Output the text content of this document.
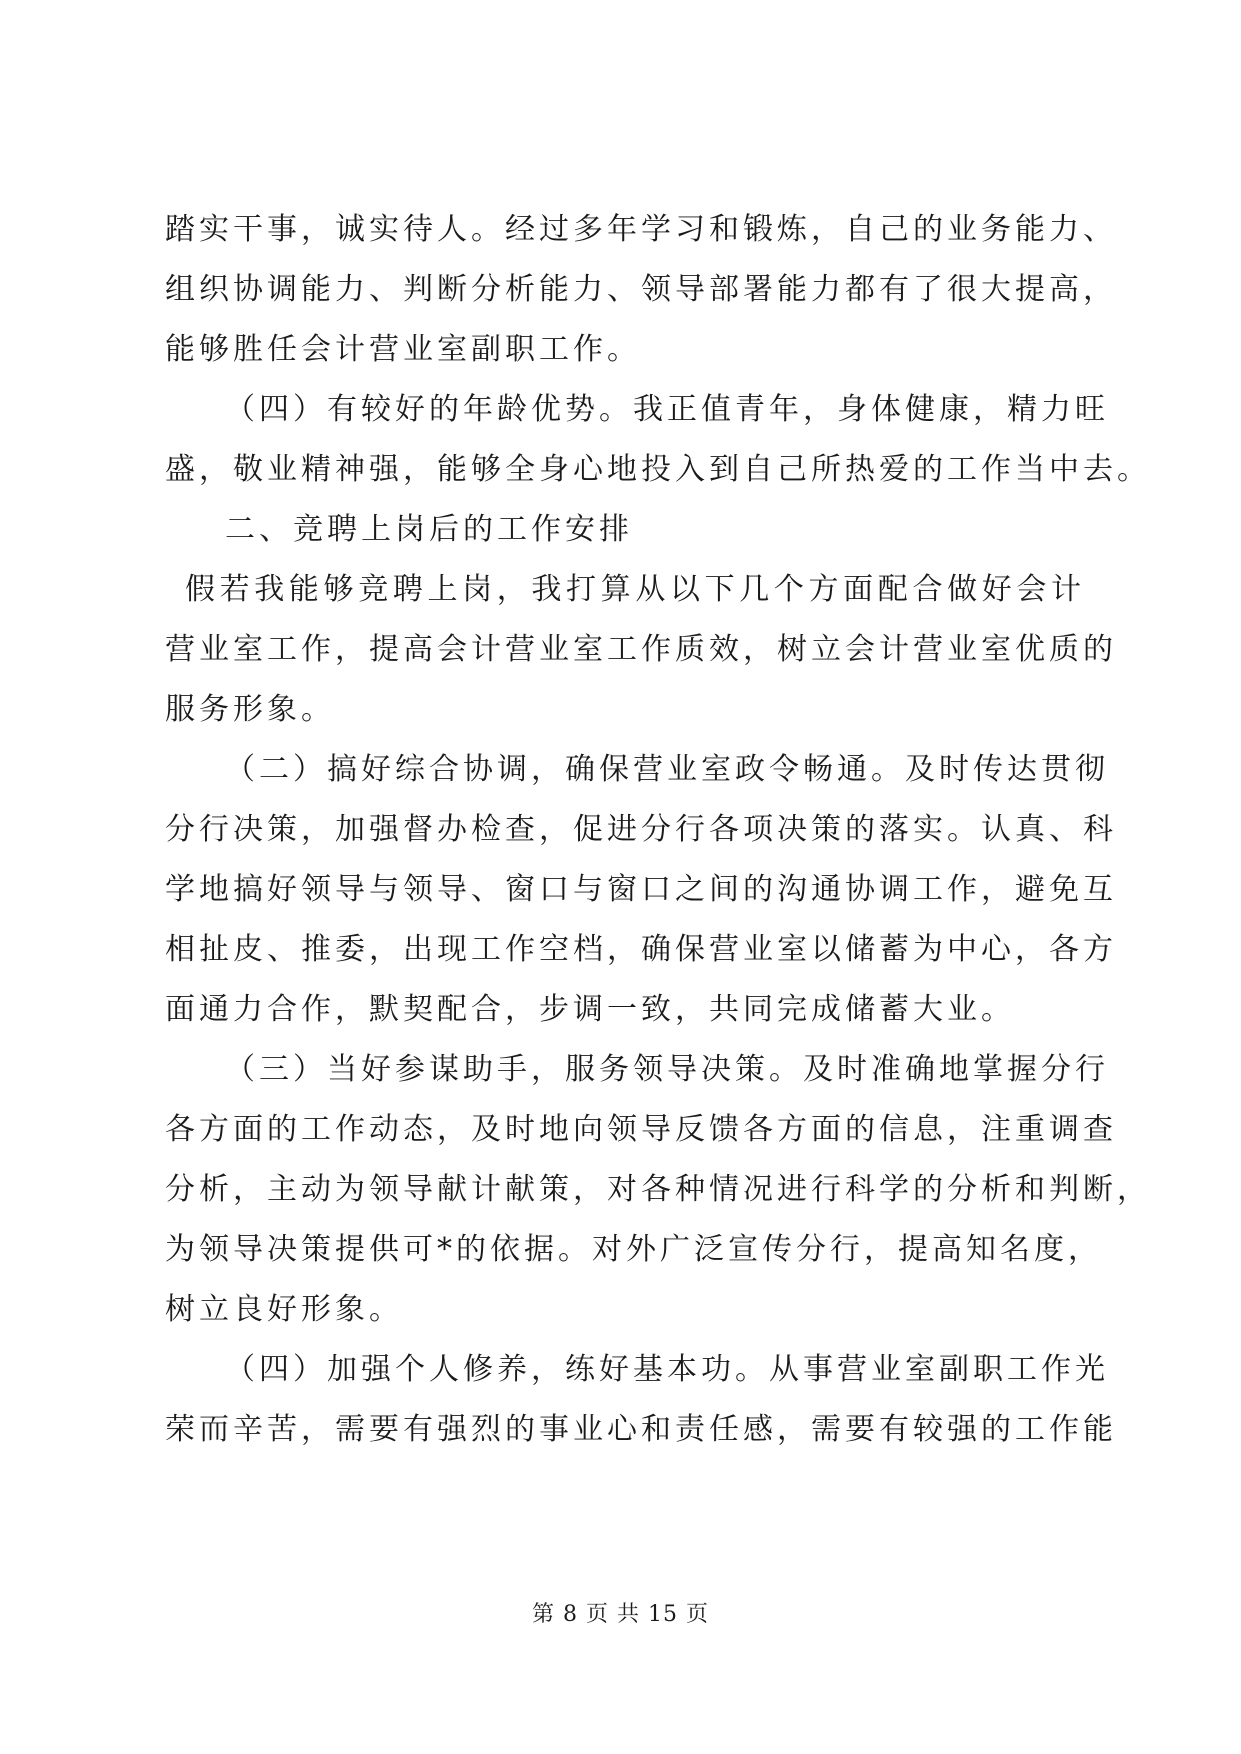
踏实干事，诚实待人。经过多年学习和锻炼，自己的业务能力、
组织协调能力、判断分析能力、领导部署能力都有了很大提高，
能够胜任会计营业室副职工作。
（四）有较好的年龄优势。我正值青年，身体健康，精力旺
盛，敬业精神强，能够全身心地投入到自己所热爱的工作当中去。
二、竞聘上岗后的工作安排
假若我能够竞聘上岗，我打算从以下几个方面配合做好会计
营业室工作，提高会计营业室工作质效，树立会计营业室优质的
服务形象。
（二）搞好综合协调，确保营业室政令畅通。及时传达贯彻
分行决策，加强督办检查，促进分行各项决策的落实。认真、科
学地搞好领导与领导、窗口与窗口之间的沟通协调工作，避免互
相扯皮、推委，出现工作空档，确保营业室以储蓄为中心，各方
面通力合作，默契配合，步调一致，共同完成储蓄大业。
（三）当好参谋助手，服务领导决策。及时准确地掌握分行
各方面的工作动态，及时地向领导反馈各方面的信息，注重调查
分析，主动为领导献计献策，对各种情况进行科学的分析和判断，
为领导决策提供可*的依据。对外广泛宣传分行，提高知名度，
树立良好形象。
（四）加强个人修养，练好基本功。从事营业室副职工作光
荣而辛苦，需要有强烈的事业心和责任感，需要有较强的工作能
第 8 页 共 15 页
